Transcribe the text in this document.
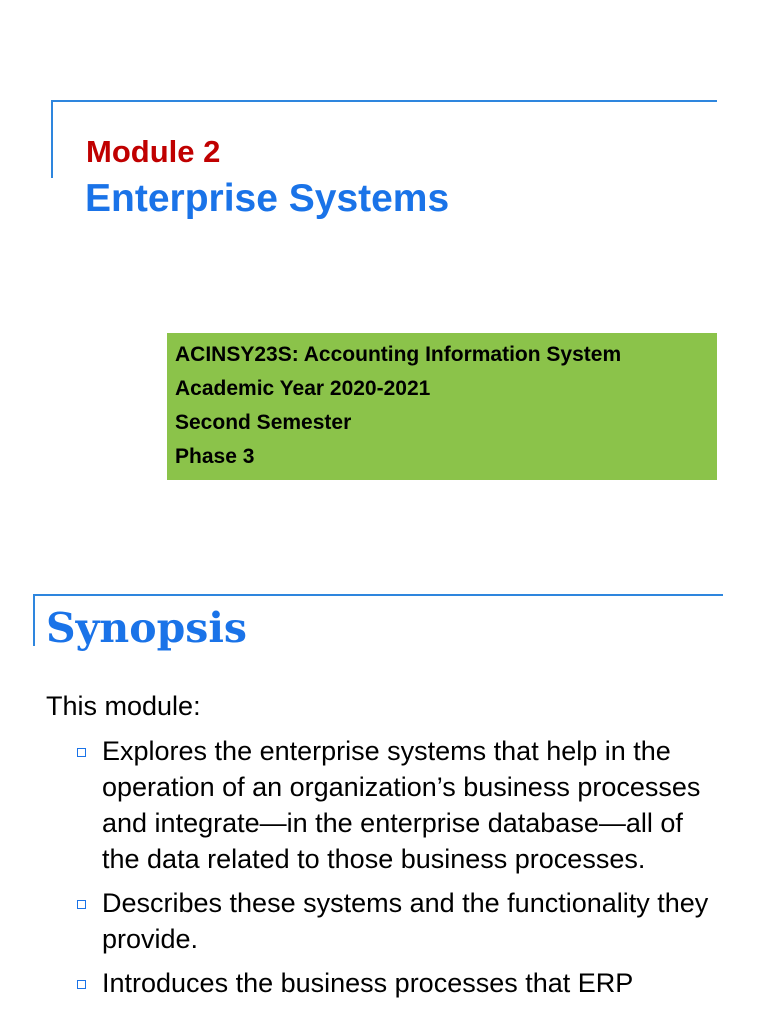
Module 2
Enterprise Systems
ACINSY23S: Accounting Information System
Academic Year 2020-2021
Second Semester
Phase 3
Synopsis
This module:
Explores the enterprise systems that help in the operation of an organization’s business processes and integrate—in the enterprise database—all of the data related to those business processes.
Describes these systems and the functionality they provide.
Introduces the business processes that ERP
